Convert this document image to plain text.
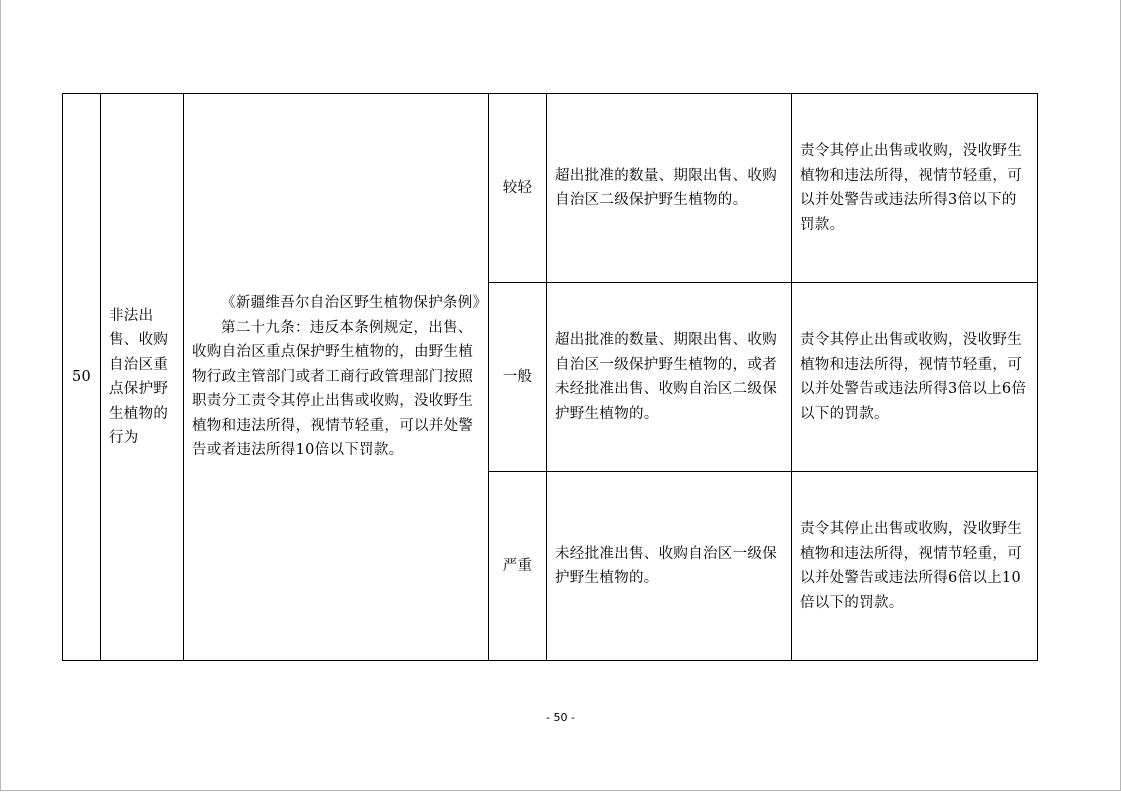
50	非法出售、收购自治区重点保护野生植物的行为	《新疆维吾尔自治区野生植物保护条例》
第二十九条：违反本条例规定，出售、收购自治区重点保护野生植物的，由野生植物行政主管部门或者工商行政管理部门按照职责分工责令其停止出售或收购，没收野生植物和违法所得，视情节轻重，可以并处警告或者违法所得10倍以下罚款。	较轻	超出批准的数量、期限出售、收购自治区二级保护野生植物的。	责令其停止出售或收购，没收野生植物和违法所得，视情节轻重，可以并处警告或违法所得3倍以下的罚款。
			一般	超出批准的数量、期限出售、收购自治区一级保护野生植物的，或者未经批准出售、收购自治区二级保护野生植物的。	责令其停止出售或收购，没收野生植物和违法所得，视情节轻重，可以并处警告或违法所得3倍以上6倍以下的罚款。
			严重	未经批准出售、收购自治区一级保护野生植物的。	责令其停止出售或收购，没收野生植物和违法所得，视情节轻重，可以并处警告或违法所得6倍以上10倍以下的罚款。
- 50 -
